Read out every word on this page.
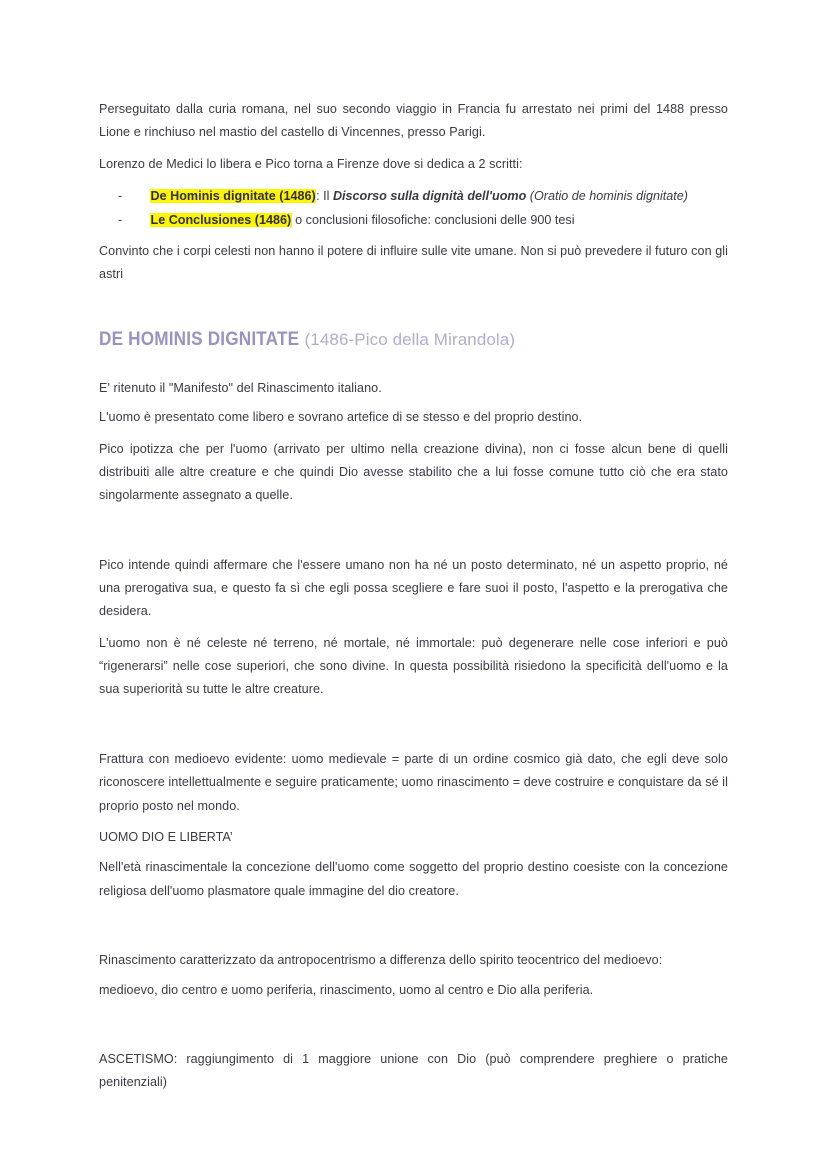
Perseguitato dalla curia romana, nel suo secondo viaggio in Francia fu arrestato nei primi del 1488 presso Lione e rinchiuso nel mastio del castello di Vincennes, presso Parigi.

Lorenzo de Medici lo libera e Pico torna a Firenze dove si dedica a 2 scritti:

- De Hominis dignitate (1486): Il Discorso sulla dignità dell'uomo (Oratio de hominis dignitate)
- Le Conclusiones (1486) o conclusioni filosofiche: conclusioni delle 900 tesi

Convinto che i corpi celesti non hanno il potere di influire sulle vite umane. Non si può prevedere il futuro con gli astri

DE HOMINIS DIGNITATE (1486-Pico della Mirandola)

E' ritenuto il "Manifesto" del Rinascimento italiano.

L'uomo è presentato come libero e sovrano artefice di se stesso e del proprio destino.

Pico ipotizza che per l'uomo (arrivato per ultimo nella creazione divina), non ci fosse alcun bene di quelli distribuiti alle altre creature e che quindi Dio avesse stabilito che a lui fosse comune tutto ciò che era stato singolarmente assegnato a quelle.

Pico intende quindi affermare che l'essere umano non ha né un posto determinato, né un aspetto proprio, né una prerogativa sua, e questo fa sì che egli possa scegliere e fare suoi il posto, l'aspetto e la prerogativa che desidera.

L'uomo non è né celeste né terreno, né mortale, né immortale: può degenerare nelle cose inferiori e può “rigenerarsi” nelle cose superiori, che sono divine. In questa possibilità risiedono la specificità dell'uomo e la sua superiorità su tutte le altre creature.

Frattura con medioevo evidente: uomo medievale = parte di un ordine cosmico già dato, che egli deve solo riconoscere intellettualmente e seguire praticamente; uomo rinascimento = deve costruire e conquistare da sé il proprio posto nel mondo.

UOMO DIO E LIBERTA’

Nell'età rinascimentale la concezione dell'uomo come soggetto del proprio destino coesiste con la concezione religiosa dell'uomo plasmatore quale immagine del dio creatore.

Rinascimento caratterizzato da antropocentrismo a differenza dello spirito teocentrico del medioevo:

medioevo, dio centro e uomo periferia, rinascimento, uomo al centro e Dio alla periferia.

ASCETISMO: raggiungimento di 1 maggiore unione con Dio (può comprendere preghiere o pratiche penitenziali)
